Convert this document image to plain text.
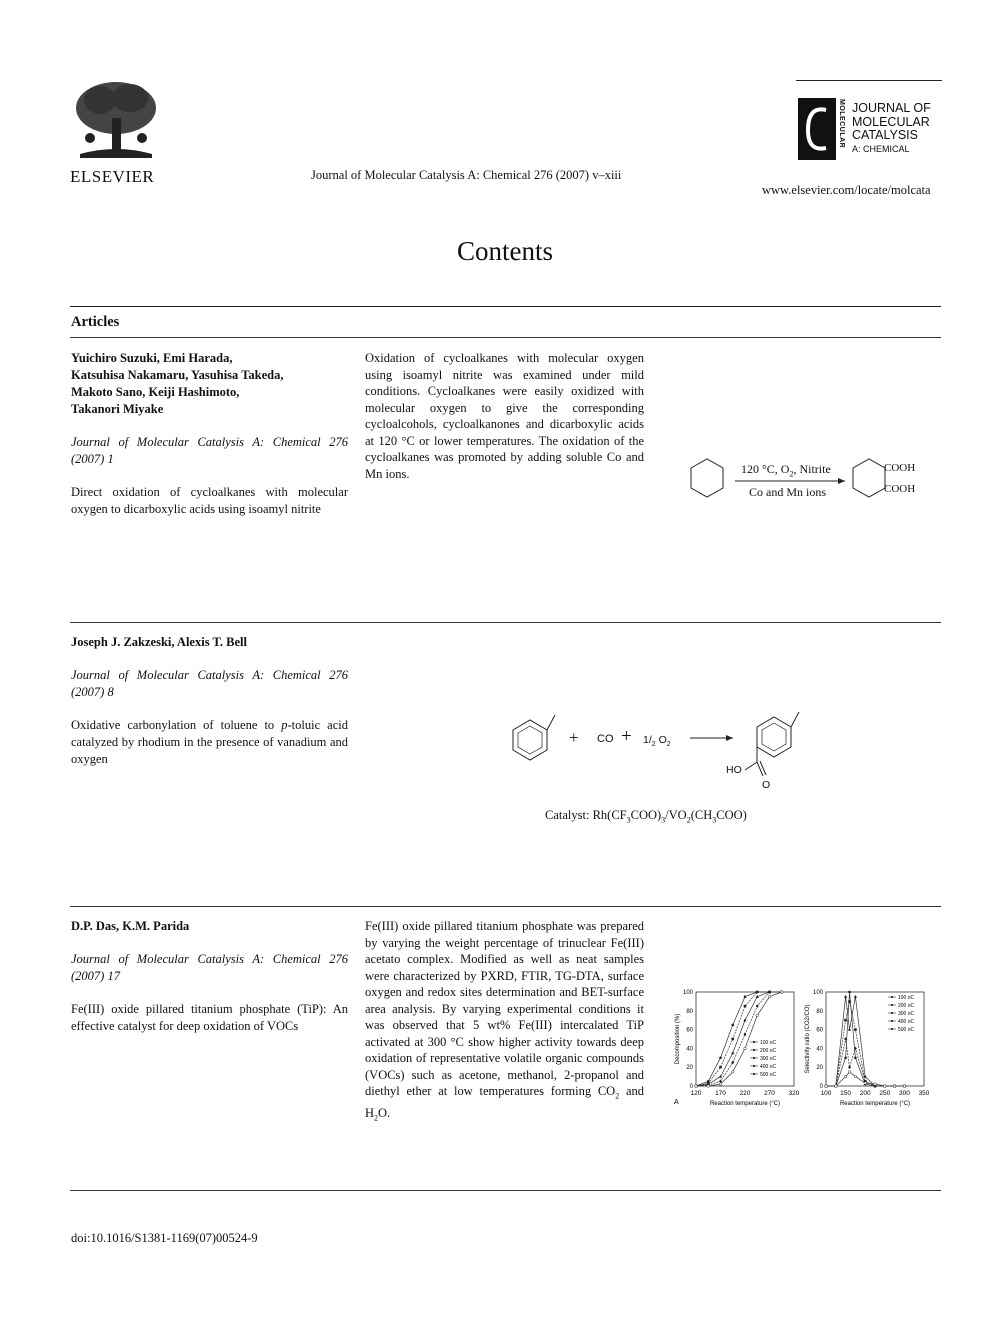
ELSEVIER	Journal of Molecular Catalysis A: Chemical 276 (2007) v–xiii
MOLECULAR JOURNAL OF
MOLECULAR
CATALYSIS
A: CHEMICAL
www.elsevier.com/locate/molcata
Contents
Articles
Yuichiro Suzuki, Emi Harada,
Katsuhisa Nakamaru, Yasuhisa Takeda,
Makoto Sano, Keiji Hashimoto,
Takanori Miyake
Journal of Molecular Catalysis A: Chemical 276 (2007) 1
Direct oxidation of cycloalkanes with molecular oxygen to dicarboxylic acids using isoamyl nitrite
Oxidation of cycloalkanes with molecular oxygen using isoamyl nitrite was examined under mild conditions. Cycloalkanes were easily oxidized with molecular oxygen to give the corresponding cycloalcohols, cycloalkanones and dicarboxylic acids at 120 °C or lower temperatures. The oxidation of the cycloalkanes was promoted by adding soluble Co and Mn ions.	120 °C, $O_2$, Nitrite
Co and Mn ions
COOH
COOH
Joseph J. Zakzeski, Alexis T. Bell
Journal of Molecular Catalysis A: Chemical 276 (2007) 8
Oxidative carbonylation of toluene to p-toluic acid catalyzed by rhodium in the presence of vanadium and oxygen
+ CO + $1/_2$ $O_2$
HO
O
Catalyst: $Rh(CF_3COO)_3/VO_2(CH_3COO)$
D.P. Das, K.M. Parida
Journal of Molecular Catalysis A: Chemical 276 (2007) 17
Fe(III) oxide pillared titanium phosphate (TiP): An effective catalyst for deep oxidation of VOCs
Fe(III) oxide pillared titanium phosphate was prepared by varying the weight percentage of trinuclear Fe(III) acetato complex. Modified as well as neat samples were characterized by PXRD, FTIR, TG-DTA, surface oxygen and redox sites determination and BET-surface area analysis. By varying experimental conditions it was observed that 5 wt% Fe(III) intercalated TiP activated at 300 °C show higher activity towards deep oxidation of representative volatile organic compounds (VOCs) such as acetone, methanol, 2-propanol and diethyl ether at low temperatures forming $CO_2$ and $H_2O$.
120 170 220 270 320
0
20
40
60
80
100
Reaction temperature (°C)
Decomposition (%)
A
100 oC
200 oC
300 oC
400 oC
500 oC
100 150 200 250 300 350
0
20
40
60
80
100
Reaction temperature (°C)
Selectivity ratio (CO2/CO)
100 oC
200 oC
300 oC
400 oC
500 oC
doi:10.1016/S1381-1169(07)00524-9
